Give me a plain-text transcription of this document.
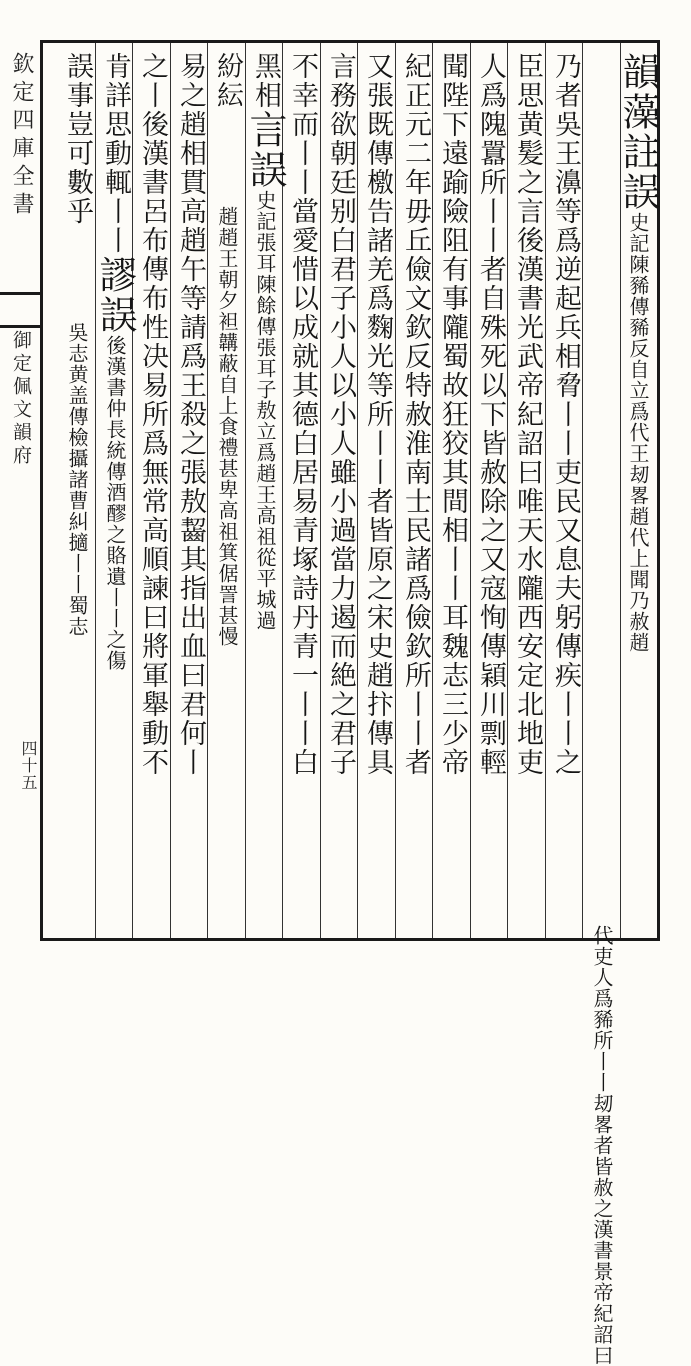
欽定四庫全書
御定佩文韻府
四十五
韻藻註誤史記陳豨傳豨反自立爲代王刼畧趙代上聞乃赦趙
代吏人爲豨所丨丨刼畧者皆赦之漢書景帝紀詔曰
乃者吳王濞等爲逆起兵相脅丨丨吏民又息夫躬傳疾丨丨之
臣思黄髪之言後漢書光武帝紀詔曰唯天水隴西安定北地吏
人爲隗囂所丨丨者自殊死以下皆赦除之又寇恂傳穎川剽輕
聞陛下遠踰險阻有事隴蜀故狂狡其間相丨丨耳魏志三少帝
紀正元二年毋丘儉文欽反特赦淮南士民諸爲儉欽所丨丨者
又張既傳檄告諸羌爲麴光等所丨丨者皆原之宋史趙抃傳具
言務欲朝廷别白君子小人以小人雖小過當力遏而絶之君子
不幸而丨丨當愛惜以成就其德白居易青塚詩丹青一丨丨白
黑相言誤史記張耳陳餘傳張耳子敖立爲趙王高祖從平城過
紛紜趙趙王朝夕袒韝蔽自上食禮甚卑高祖箕倨詈甚慢
易之趙相貫高趙午等請爲王殺之張敖齧其指出血曰君何丨
之丨後漢書呂布傳布性决易所爲無常高順諫曰將軍舉動不
肯詳思動輒丨丨謬誤後漢書仲長統傳酒醪之賂遺丨丨之傷
誤事豈可數乎吳志黄盖傳檢攝諸曹糾擿丨丨蜀志
